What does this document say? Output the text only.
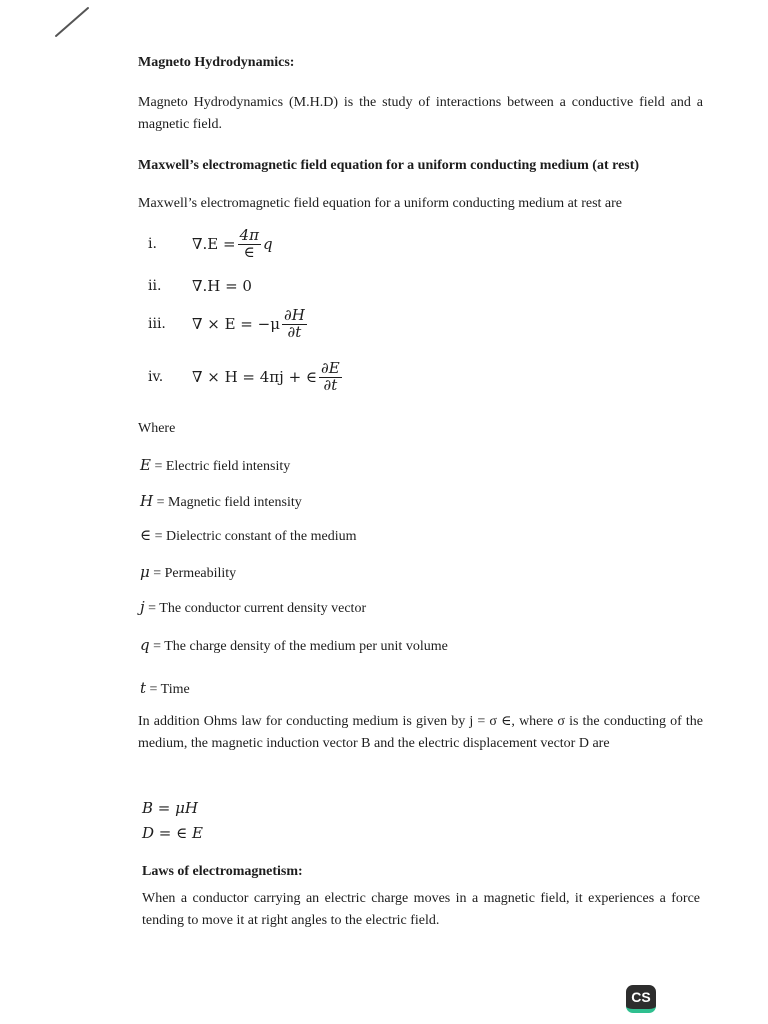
Magneto Hydrodynamics:
Magneto Hydrodynamics (M.H.D) is the study of interactions between a conductive field and a magnetic field.
Maxwell’s electromagnetic field equation for a uniform conducting medium (at rest)
Maxwell’s electromagnetic field equation for a uniform conducting medium at rest are
i.	$\nabla.E = \frac{4\pi}{\in}$ q
ii.	∇.H = 0
iii.	∇ × $E = -\mu \frac{\partial H}{\partial t}$
iv.	∇ × H = 4πj + ∈ $\frac{\partial E}{\partial t}$
Where
E = Electric field intensity
H = Magnetic field intensity
∈ = Dielectric constant of the medium
μ = Permeability
j = The conductor current density vector
q = The charge density of the medium per unit volume
t = Time
In addition Ohms law for conducting medium is given by j = σ ∈, where σ is the conducting of the medium, the magnetic induction vector B and the electric displacement vector D are
B = μH
D = ∈ E
Laws of electromagnetism:
When a conductor carrying an electric charge moves in a magnetic field, it experiences a force tending to move it at right angles to the electric field.
CS
